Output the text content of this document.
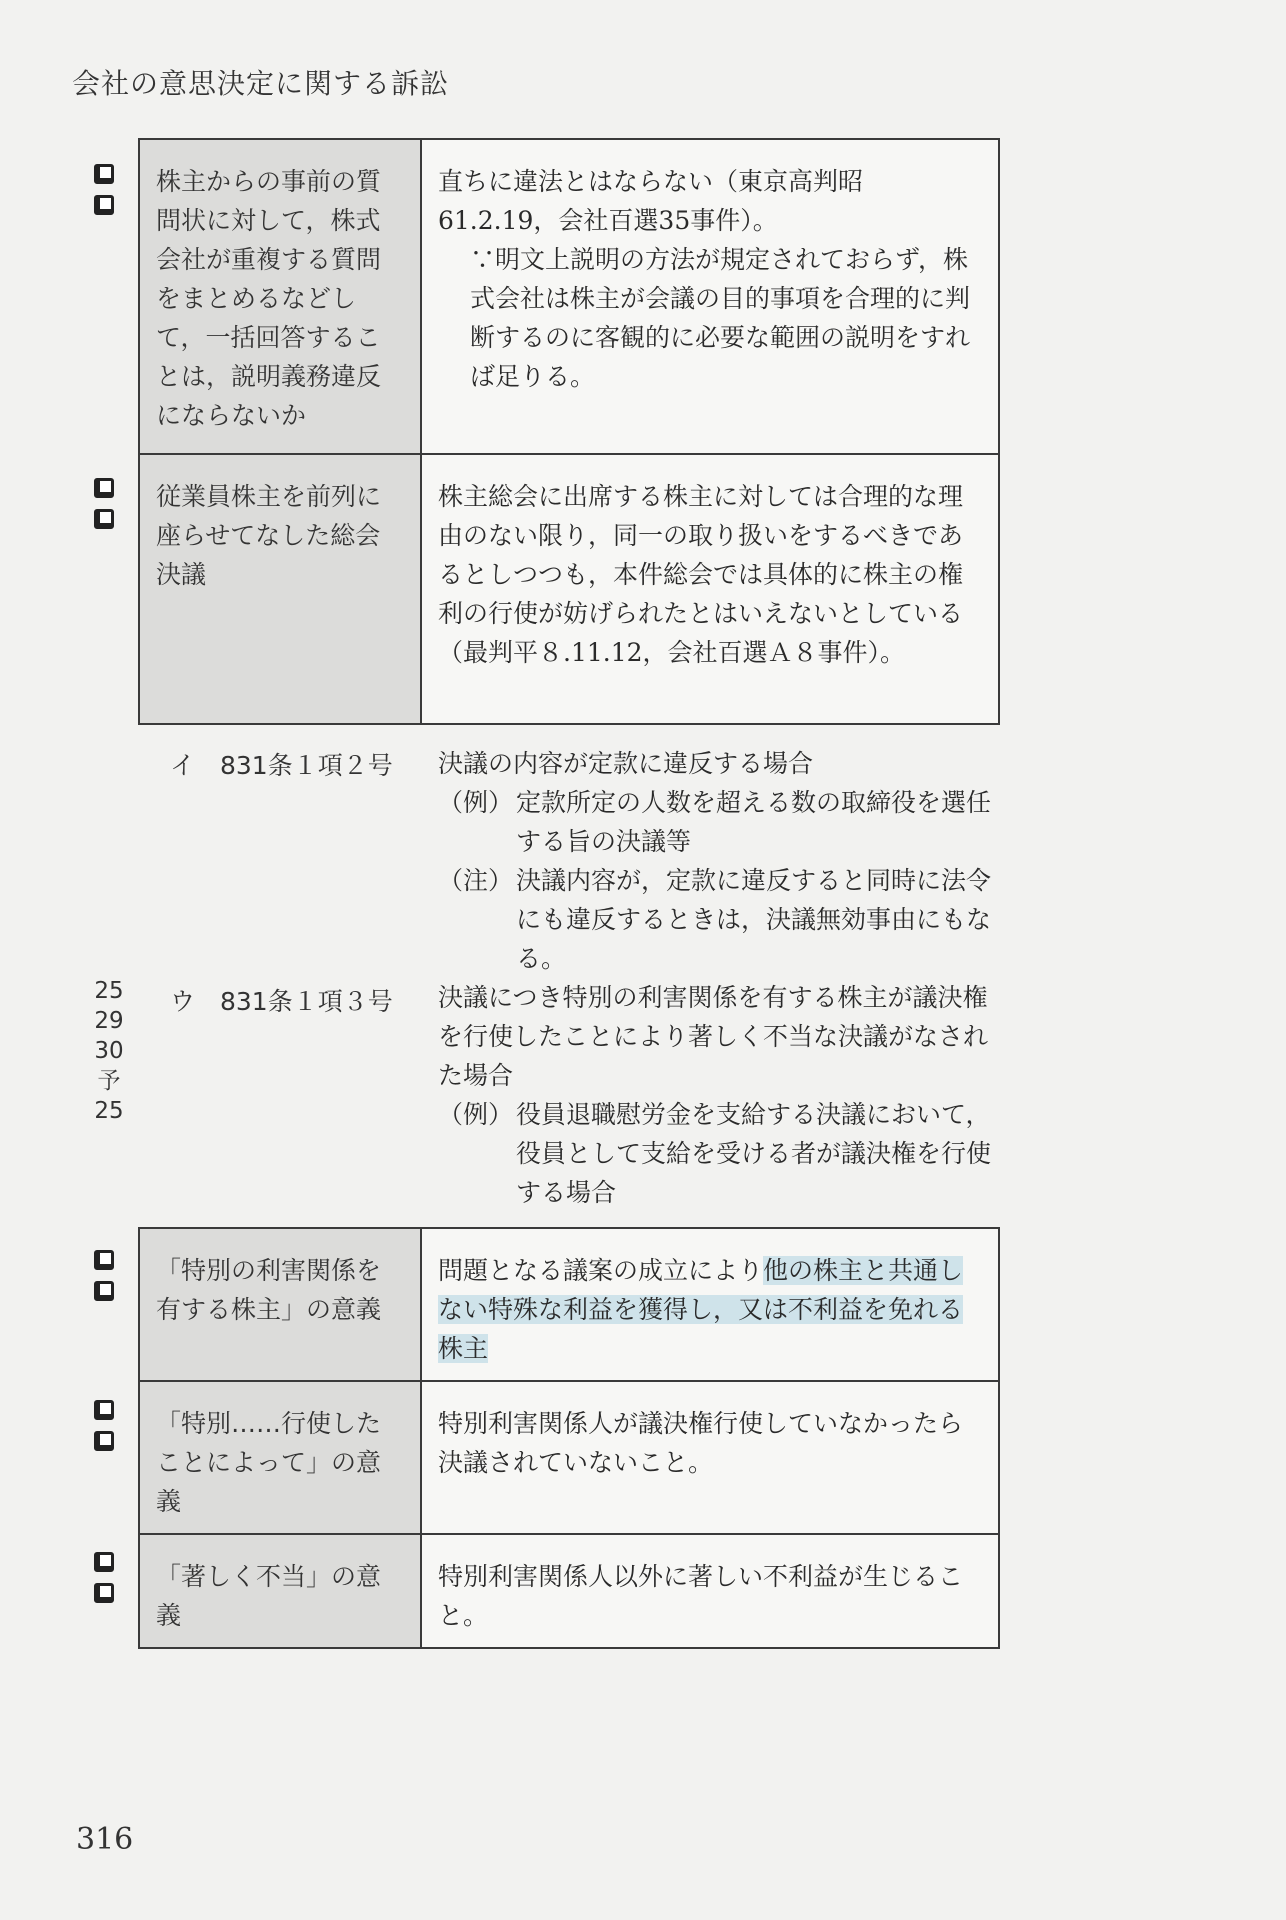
会社の意思決定に関する訴訟
株主からの事前の質問状に対して，株式会社が重複する質問をまとめるなどして，一括回答することは，説明義務違反にならないか	直ちに違法とはならない（東京高判昭61.2.19，会社百選35事件）。
∵明文上説明の方法が規定されておらず，株式会社は株主が会議の目的事項を合理的に判断するのに客観的に必要な範囲の説明をすれば足りる。

従業員株主を前列に座らせてなした総会決議	株主総会に出席する株主に対しては合理的な理由のない限り，同一の取り扱いをするべきであるとしつつも，本件総会では具体的に株主の権利の行使が妨げられたとはいえないとしている（最判平８.11.12，会社百選Ａ８事件）。
イ　831条１項２号 決議の内容が定款に違反する場合
（例） 定款所定の人数を超える数の取締役を選任する旨の決議等
（注） 決議内容が，定款に違反すると同時に法令にも違反するときは，決議無効事由にもなる。
25
29
30
予
25
ウ　831条１項３号 決議につき特別の利害関係を有する株主が議決権を行使したことにより著しく不当な決議がなされた場合
（例） 役員退職慰労金を支給する決議において，役員として支給を受ける者が議決権を行使する場合
「特別の利害関係を有する株主」の意義	問題となる議案の成立により他の株主と共通しない特殊な利益を獲得し，又は不利益を免れる株主
「特別……行使したことによって」の意義	特別利害関係人が議決権行使していなかったら決議されていないこと。
「著しく不当」の意義	特別利害関係人以外に著しい不利益が生じること。
316
